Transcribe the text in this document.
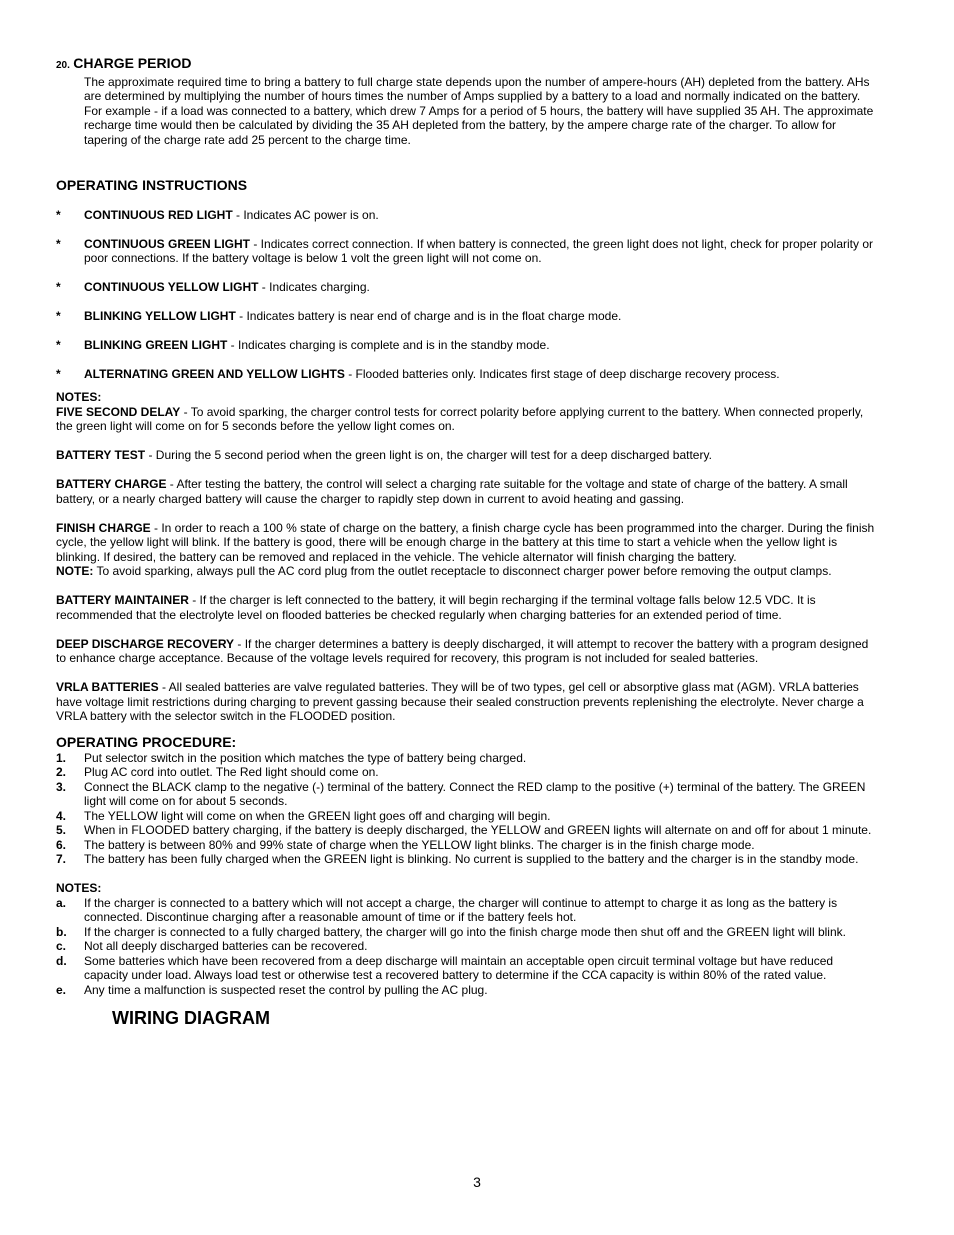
20. CHARGE PERIOD
The approximate required time to bring a battery to full charge state depends upon the number of ampere-hours (AH) depleted from the battery. AHs are determined by multiplying the number of hours times the number of Amps supplied by a battery to a load and normally indicated on the battery. For example - if a load was connected to a battery, which drew 7 Amps for a period of 5 hours, the battery will have supplied 35 AH. The approximate recharge time would then be calculated by dividing the 35 AH depleted from the battery, by the ampere charge rate of the charger. To allow for tapering of the charge rate add 25 percent to the charge time.
OPERATING INSTRUCTIONS
*	CONTINUOUS RED LIGHT - Indicates AC power is on.
*	CONTINUOUS GREEN LIGHT - Indicates correct connection. If when battery is connected, the green light does not light, check for proper polarity or poor connections. If the battery voltage is below 1 volt the green light will not come on.
*	CONTINUOUS YELLOW LIGHT - Indicates charging.
*	BLINKING YELLOW LIGHT - Indicates battery is near end of charge and is in the float charge mode.
*	BLINKING GREEN LIGHT - Indicates charging is complete and is in the standby mode.
*	ALTERNATING GREEN AND YELLOW LIGHTS - Flooded batteries only. Indicates first stage of deep discharge recovery process.
NOTES:
FIVE SECOND DELAY - To avoid sparking, the charger control tests for correct polarity before applying current to the battery. When connected properly, the green light will come on for 5 seconds before the yellow light comes on.
BATTERY TEST - During the 5 second period when the green light is on, the charger will test for a deep discharged battery.
BATTERY CHARGE - After testing the battery, the control will select a charging rate suitable for the voltage and state of charge of the battery. A small battery, or a nearly charged battery will cause the charger to rapidly step down in current to avoid heating and gassing.
FINISH CHARGE - In order to reach a 100 % state of charge on the battery, a finish charge cycle has been programmed into the charger. During the finish cycle, the yellow light will blink. If the battery is good, there will be enough charge in the battery at this time to start a vehicle when the yellow light is blinking. If desired, the battery can be removed and replaced in the vehicle. The vehicle alternator will finish charging the battery.
NOTE: To avoid sparking, always pull the AC cord plug from the outlet receptacle to disconnect charger power before removing the output clamps.
BATTERY MAINTAINER - If the charger is left connected to the battery, it will begin recharging if the terminal voltage falls below 12.5 VDC. It is recommended that the electrolyte level on flooded batteries be checked regularly when charging batteries for an extended period of time.
DEEP DISCHARGE RECOVERY - If the charger determines a battery is deeply discharged, it will attempt to recover the battery with a program designed to enhance charge acceptance. Because of the voltage levels required for recovery, this program is not included for sealed batteries.
VRLA BATTERIES - All sealed batteries are valve regulated batteries. They will be of two types, gel cell or absorptive glass mat (AGM). VRLA batteries have voltage limit restrictions during charging to prevent gassing because their sealed construction prevents replenishing the electrolyte. Never charge a VRLA battery with the selector switch in the FLOODED position.
OPERATING PROCEDURE:
1.	Put selector switch in the position which matches the type of battery being charged.
2.	Plug AC cord into outlet. The Red light should come on.
3.	Connect the BLACK clamp to the negative (-) terminal of the battery. Connect the RED clamp to the positive (+) terminal of the battery. The GREEN light will come on for about 5 seconds.
4.	The YELLOW light will come on when the GREEN light goes off and charging will begin.
5.	When in FLOODED battery charging, if the battery is deeply discharged, the YELLOW and GREEN lights will alternate on and off for about 1 minute.
6.	The battery is between 80% and 99% state of charge when the YELLOW light blinks. The charger is in the finish charge mode.
7.	The battery has been fully charged when the GREEN light is blinking. No current is supplied to the battery and the charger is in the standby mode.
NOTES:
a.	If the charger is connected to a battery which will not accept a charge, the charger will continue to attempt to charge it as long as the battery is connected. Discontinue charging after a reasonable amount of time or if the battery feels hot.
b.	If the charger is connected to a fully charged battery, the charger will go into the finish charge mode then shut off and the GREEN light will blink.
c.	Not all deeply discharged batteries can be recovered.
d.	Some batteries which have been recovered from a deep discharge will maintain an acceptable open circuit terminal voltage but have reduced capacity under load. Always load test or otherwise test a recovered battery to determine if the CCA capacity is within 80% of the rated value.
e.	Any time a malfunction is suspected reset the control by pulling the AC plug.
WIRING DIAGRAM
3
